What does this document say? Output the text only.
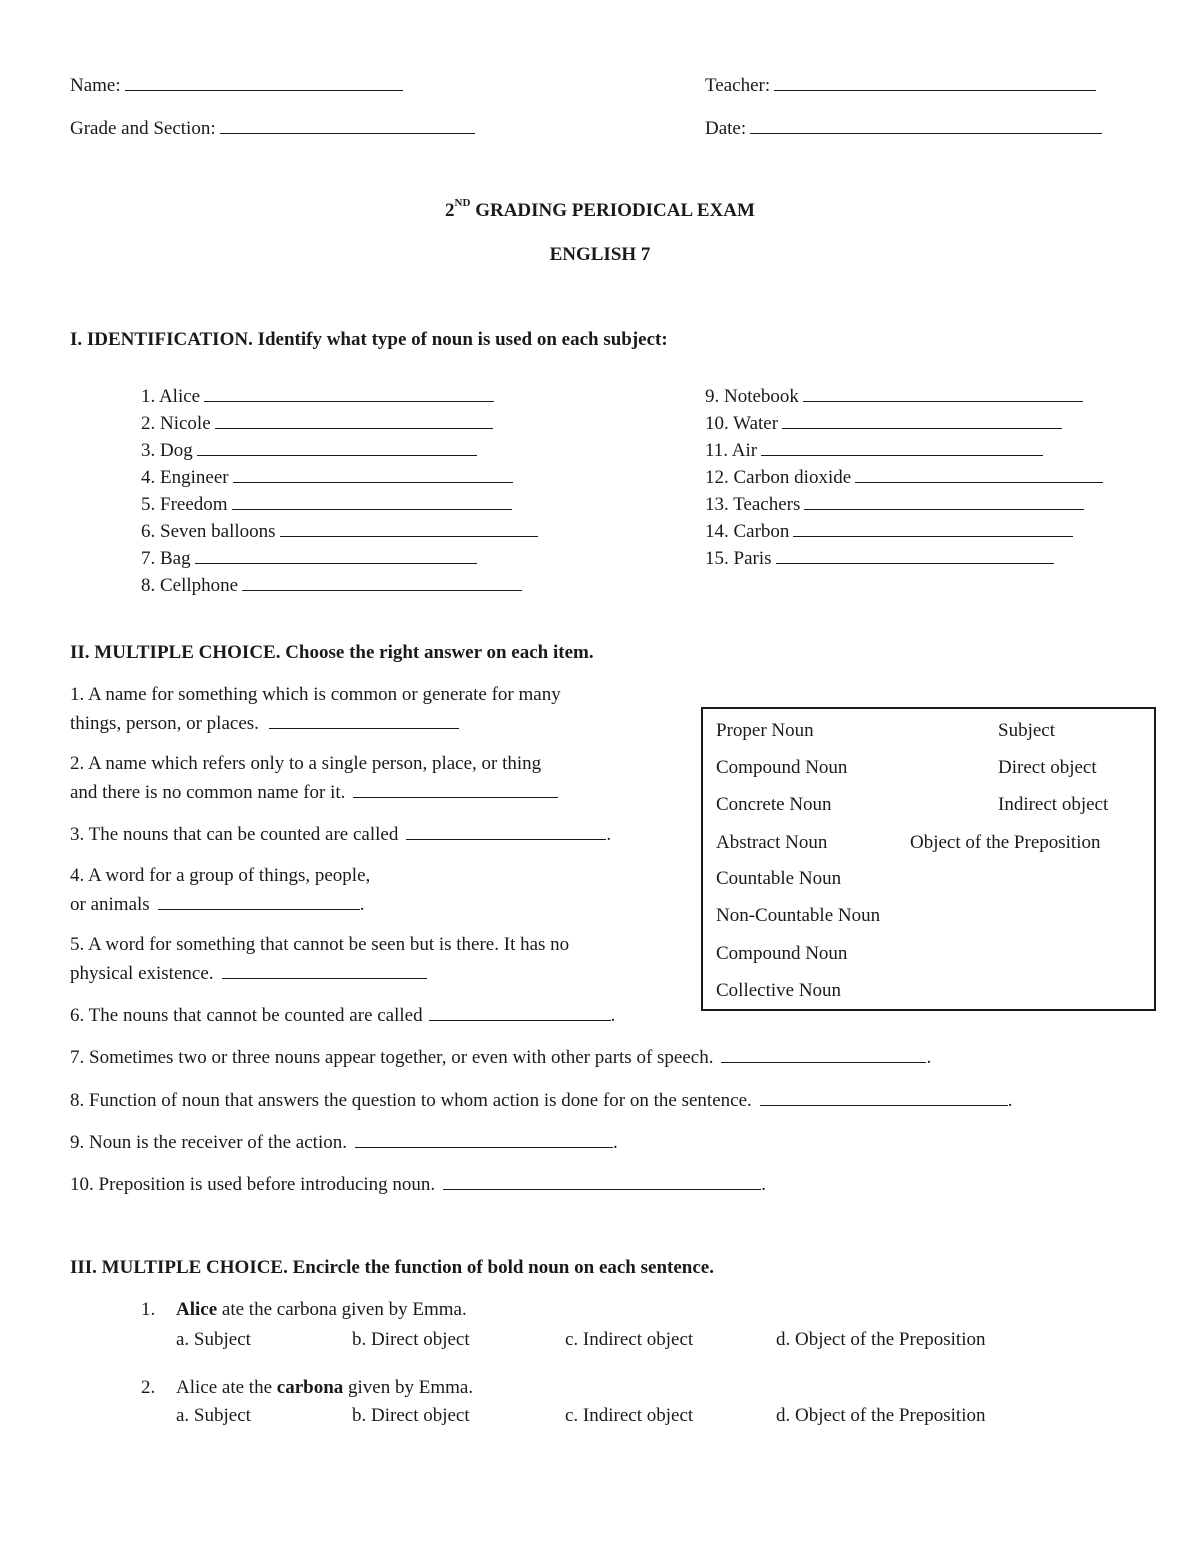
Name:	Teacher:
Grade and Section:	Date:
2ND GRADING PERIODICAL EXAM
ENGLISH 7
I. IDENTIFICATION. Identify what type of noun is used on each subject:
1. Alice
2. Nicole
3. Dog
4. Engineer
5. Freedom
6. Seven balloons
7. Bag
8. Cellphone
9. Notebook
10. Water
11. Air
12. Carbon dioxide
13. Teachers
14. Carbon
15. Paris
II. MULTIPLE CHOICE. Choose the right answer on each item.
1. A name for something which is common or generate for many
things, person, or places.
2. A name which refers only to a single person, place, or thing
and there is no common name for it.
3. The nouns that can be counted are called	.
4. A word for a group of things, people,
or animals	.
5. A word for something that cannot be seen but is there. It has no
physical existence.
6. The nouns that cannot be counted are called	.
7. Sometimes two or three nouns appear together, or even with other parts of speech.	.
8. Function of noun that answers the question to whom action is done for on the sentence.	.
9. Noun is the receiver of the action.	.
10. Preposition is used before introducing noun.	.
Proper Noun
Compound Noun
Concrete Noun
Abstract Noun
Countable Noun
Non-Countable Noun
Compound Noun
Collective Noun
Subject
Direct object
Indirect object
Object of the Preposition
III. MULTIPLE CHOICE. Encircle the function of bold noun on each sentence.
1. Alice ate the carbona given by Emma.
a. Subject	b. Direct object	c. Indirect object	d. Object of the Preposition
2. Alice ate the carbona given by Emma.
a. Subject	b. Direct object	c. Indirect object	d. Object of the Preposition
